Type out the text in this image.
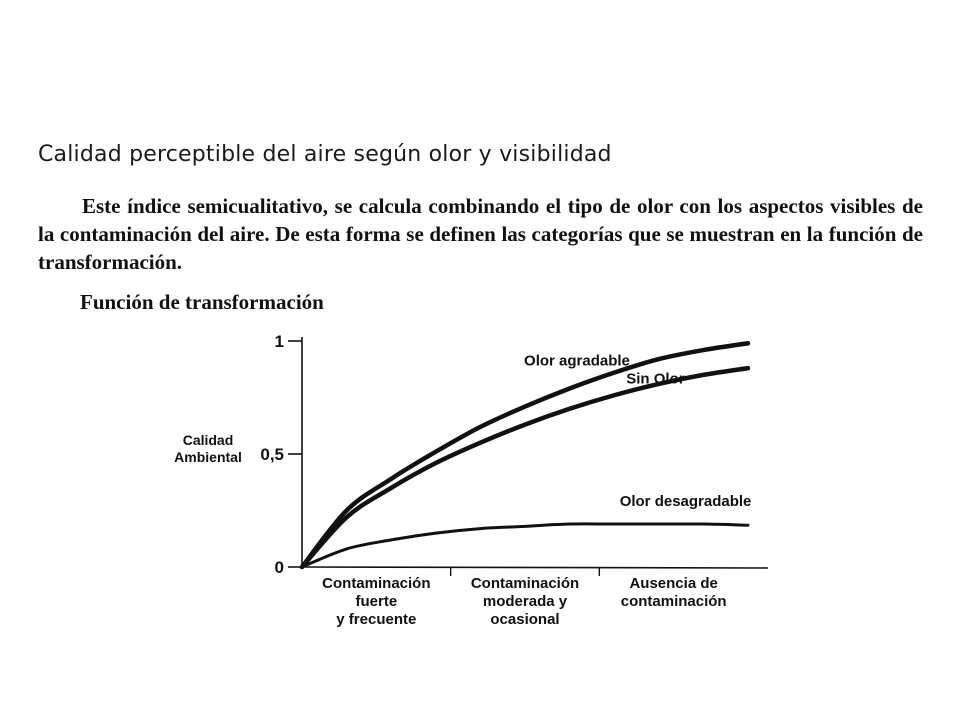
Calidad perceptible del aire según olor y visibilidad

Este índice semicualitativo, se calcula combinando el tipo de olor con los aspectos visibles de la contaminación del aire. De esta forma se definen las categorías que se muestran en la función de transformación.

Función de transformación
Calidad
Ambiental
0
0,5
1
Contaminación
fuerte
y frecuente
Contaminación
moderada y
ocasional
Ausencia de
contaminación
Olor agradable
Sin Olor
Olor desagradable
